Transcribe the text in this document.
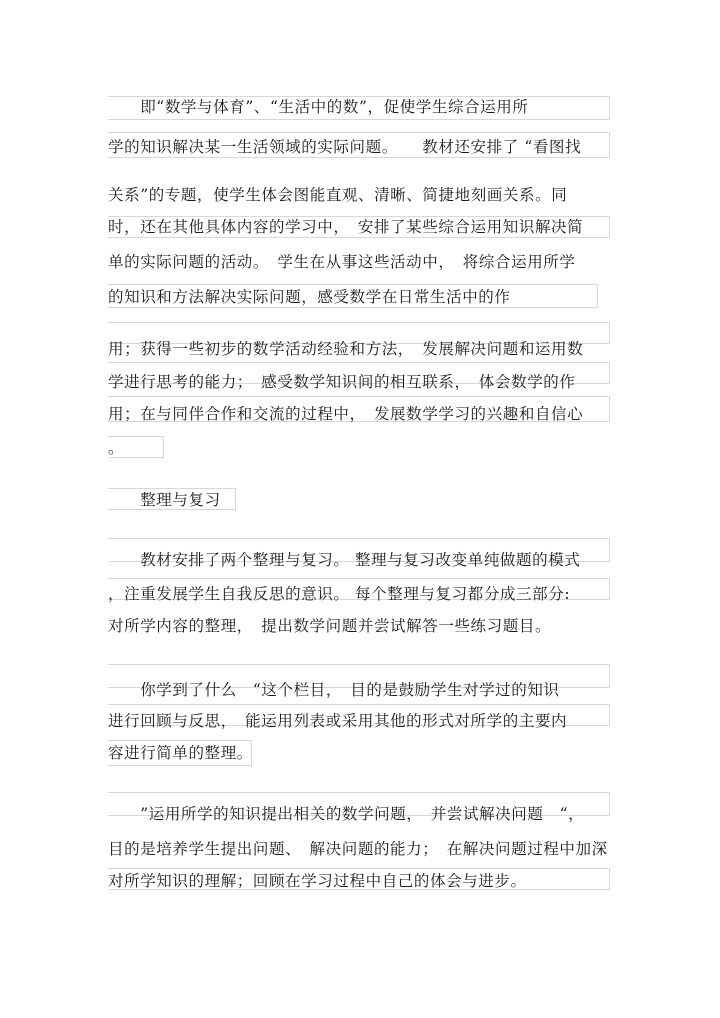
　　即“数学与体育”、“生活中的数”，促使学生综合运用所
学的知识解决某一生活领域的实际问题。　　教材还安排了 “看图找
关系”的专题，使学生体会图能直观、清晰、简捷地刻画关系。同
时，还在其他具体内容的学习中，　安排了某些综合运用知识解决简
单的实际问题的活动。　学生在从事这些活动中，　将综合运用所学
的知识和方法解决实际问题，感受数学在日常生活中的作
用；获得一些初步的数学活动经验和方法，　发展解决问题和运用数
学进行思考的能力；　感受数学知识间的相互联系，　体会数学的作
用；在与同伴合作和交流的过程中，　发展数学学习的兴趣和自信心
。
　　整理与复习
　　教材安排了两个整理与复习。 整理与复习改变单纯做题的模式
，注重发展学生自我反思的意识。 每个整理与复习都分成三部分:
对所学内容的整理，　提出数学问题并尝试解答一些练习题目。
　　你学到了什么　“这个栏目，　目的是鼓励学生对学过的知识
进行回顾与反思，　能运用列表或采用其他的形式对所学的主要内
容进行简单的整理。
　　”运用所学的知识提出相关的数学问题，　并尝试解决问题　“，
目的是培养学生提出问题、　解决问题的能力；　在解决问题过程中加深
对所学知识的理解；回顾在学习过程中自己的体会与进步。
